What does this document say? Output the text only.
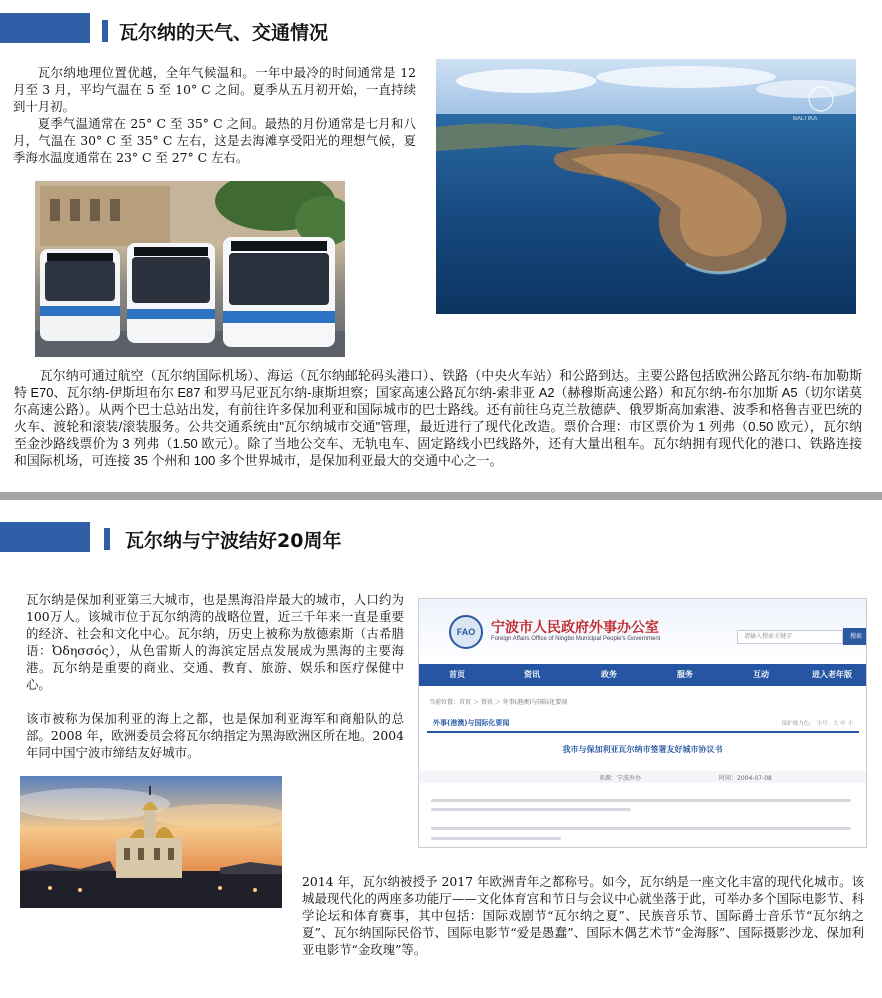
瓦尔纳的天气、交通情况

瓦尔纳地理位置优越，全年气候温和。一年中最冷的时间通常是 12 月至 3 月，平均气温在 5 至 10° C 之间。夏季从五月初开始，一直持续到十月初。

夏季气温通常在 25° C 至 35° C 之间。最热的月份通常是七月和八月，气温在 30° C 至 35° C 左右，这是去海滩享受阳光的理想气候，夏季海水温度通常在 23° C 至 27° C 左右。

BALTIKA
瓦尔纳可通过航空（瓦尔纳国际机场）、海运（瓦尔纳邮轮码头港口）、铁路（中央火车站）和公路到达。主要公路包括欧洲公路瓦尔纳-布加勒斯特 E70、瓦尔纳-伊斯坦布尔 E87 和罗马尼亚瓦尔纳-康斯坦察；国家高速公路瓦尔纳-索非亚 A2（赫穆斯高速公路）和瓦尔纳-布尔加斯 A5（切尔诺莫尔高速公路）。从两个巴士总站出发，有前往许多保加利亚和国际城市的巴士路线。还有前往乌克兰敖德萨、俄罗斯高加索港、波季和格鲁吉亚巴统的火车、渡轮和滚装/滚装服务。公共交通系统由"瓦尔纳城市交通"管理，最近进行了现代化改造。票价合理：市区票价为 1 列弗（0.50 欧元），瓦尔纳至金沙路线票价为 3 列弗（1.50 欧元）。除了当地公交车、无轨电车、固定路线小巴线路外，还有大量出租车。瓦尔纳拥有现代化的港口、铁路连接和国际机场，可连接 35 个州和 100 多个世界城市，是保加利亚最大的交通中心之一。
瓦尔纳与宁波结好20周年

瓦尔纳是保加利亚第三大城市，也是黑海沿岸最大的城市，人口约为 100万人。该城市位于瓦尔纳湾的战略位置，近三千年来一直是重要的经济、社会和文化中心。瓦尔纳，历史上被称为敖德索斯（古希腊语：Ὀδησσός），从色雷斯人的海滨定居点发展成为黑海的主要海港。瓦尔纳是重要的商业、交通、教育、旅游、娱乐和医疗保健中心。

该市被称为保加利亚的海上之都，也是保加利亚海军和商船队的总部。2008 年，欧洲委员会将瓦尔纳指定为黑海欧洲区所在地。2004年同中国宁波市缔结友好城市。

FAO	宁波市人民政府外事办公室
Foreign Affairs Office of Ningbo Municipal People's Government	请输入搜索关键字	搜索
首页	资讯	政务	服务	互动	进入老年版
当前位置：首页 ＞ 资讯 ＞ 外事(港澳)与国际化要闻
外事(港澳)与国际化要闻	保护视力色： 字号：大 中 小
我市与保加利亚瓦尔纳市签署友好城市协议书
来源：宁波外办	时间：2004-07-08
2014 年，瓦尔纳被授予 2017 年欧洲青年之都称号。如今，瓦尔纳是一座文化丰富的现代化城市。该城最现代化的两座多功能厅——文化体育宫和节日与会议中心就坐落于此，可举办多个国际电影节、科学论坛和体育赛事，其中包括：国际戏剧节“瓦尔纳之夏”、民族音乐节、国际爵士音乐节“瓦尔纳之夏”、瓦尔纳国际民俗节、国际电影节“爱是愚蠢”、国际木偶艺术节“金海豚”、国际摄影沙龙、保加利亚电影节“金玫瑰”等。
